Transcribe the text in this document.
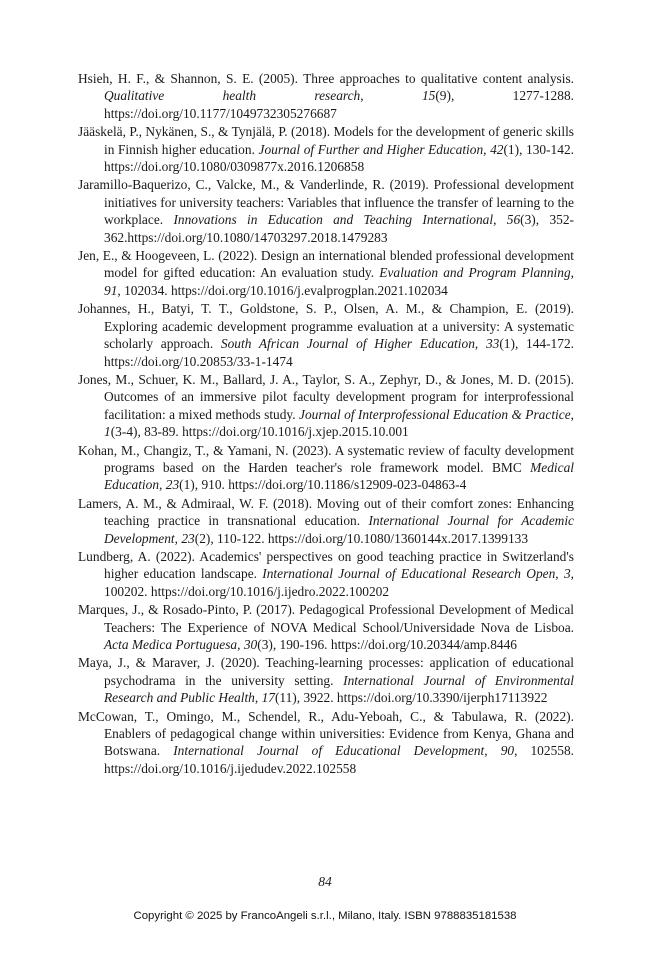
Hsieh, H. F., & Shannon, S. E. (2005). Three approaches to qualitative content analysis. Qualitative health research, 15(9), 1277-1288. https://doi.org/10.1177/1049732305276687

Jääskelä, P., Nykänen, S., & Tynjälä, P. (2018). Models for the development of generic skills in Finnish higher education. Journal of Further and Higher Education, 42(1), 130-142. https://doi.org/10.1080/0309877x.2016.1206858

Jaramillo-Baquerizo, C., Valcke, M., & Vanderlinde, R. (2019). Professional development initiatives for university teachers: Variables that influence the transfer of learning to the workplace. Innovations in Education and Teaching International, 56(3), 352-362.https://doi.org/10.1080/14703297.2018.1479283

Jen, E., & Hoogeveen, L. (2022). Design an international blended professional development model for gifted education: An evaluation study. Evaluation and Program Planning, 91, 102034. https://doi.org/10.1016/j.evalprogplan.2021.102034

Johannes, H., Batyi, T. T., Goldstone, S. P., Olsen, A. M., & Champion, E. (2019). Exploring academic development programme evaluation at a university: A systematic scholarly approach. South African Journal of Higher Education, 33(1), 144-172. https://doi.org/10.20853/33-1-1474

Jones, M., Schuer, K. M., Ballard, J. A., Taylor, S. A., Zephyr, D., & Jones, M. D. (2015). Outcomes of an immersive pilot faculty development program for interprofessional facilitation: a mixed methods study. Journal of Interprofessional Education & Practice, 1(3-4), 83-89. https://doi.org/10.1016/j.xjep.2015.10.001

Kohan, M., Changiz, T., & Yamani, N. (2023). A systematic review of faculty development programs based on the Harden teacher's role framework model. BMC Medical Education, 23(1), 910. https://doi.org/10.1186/s12909-023-04863-4

Lamers, A. M., & Admiraal, W. F. (2018). Moving out of their comfort zones: Enhancing teaching practice in transnational education. International Journal for Academic Development, 23(2), 110-122. https://doi.org/10.1080/1360144x.2017.1399133

Lundberg, A. (2022). Academics' perspectives on good teaching practice in Switzerland's higher education landscape. International Journal of Educational Research Open, 3, 100202. https://doi.org/10.1016/j.ijedro.2022.100202

Marques, J., & Rosado-Pinto, P. (2017). Pedagogical Professional Development of Medical Teachers: The Experience of NOVA Medical School/Universidade Nova de Lisboa. Acta Medica Portuguesa, 30(3), 190-196. https://doi.org/10.20344/amp.8446

Maya, J., & Maraver, J. (2020). Teaching-learning processes: application of educational psychodrama in the university setting. International Journal of Environmental Research and Public Health, 17(11), 3922. https://doi.org/10.3390/ijerph17113922

McCowan, T., Omingo, M., Schendel, R., Adu-Yeboah, C., & Tabulawa, R. (2022). Enablers of pedagogical change within universities: Evidence from Kenya, Ghana and Botswana. International Journal of Educational Development, 90, 102558. https://doi.org/10.1016/j.ijedudev.2022.102558

84
Copyright © 2025 by FrancoAngeli s.r.l., Milano, Italy. ISBN 9788835181538
